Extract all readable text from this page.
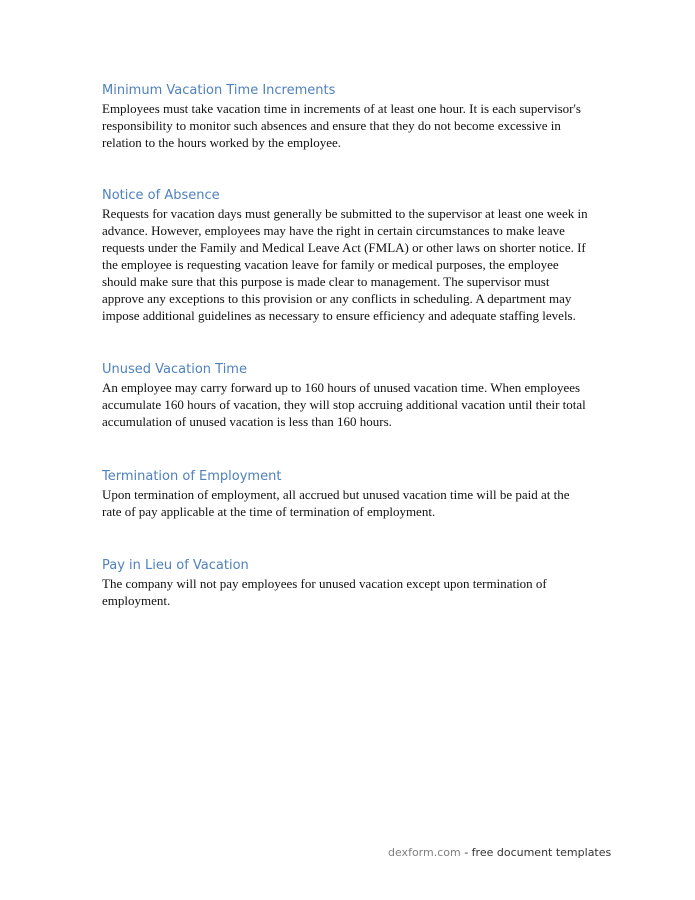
Minimum Vacation Time Increments

Employees must take vacation time in increments of at least one hour. It is each supervisor's responsibility to monitor such absences and ensure that they do not become excessive in relation to the hours worked by the employee.

Notice of Absence

Requests for vacation days must generally be submitted to the supervisor at least one week in advance. However, employees may have the right in certain circumstances to make leave requests under the Family and Medical Leave Act (FMLA) or other laws on shorter notice. If the employee is requesting vacation leave for family or medical purposes, the employee should make sure that this purpose is made clear to management. The supervisor must approve any exceptions to this provision or any conflicts in scheduling. A department may impose additional guidelines as necessary to ensure efficiency and adequate staffing levels.

Unused Vacation Time

An employee may carry forward up to 160 hours of unused vacation time. When employees accumulate 160 hours of vacation, they will stop accruing additional vacation until their total accumulation of unused vacation is less than 160 hours.

Termination of Employment

Upon termination of employment, all accrued but unused vacation time will be paid at the rate of pay applicable at the time of termination of employment.

Pay in Lieu of Vacation

The company will not pay employees for unused vacation except upon termination of employment.

dexform.com - free document templates
